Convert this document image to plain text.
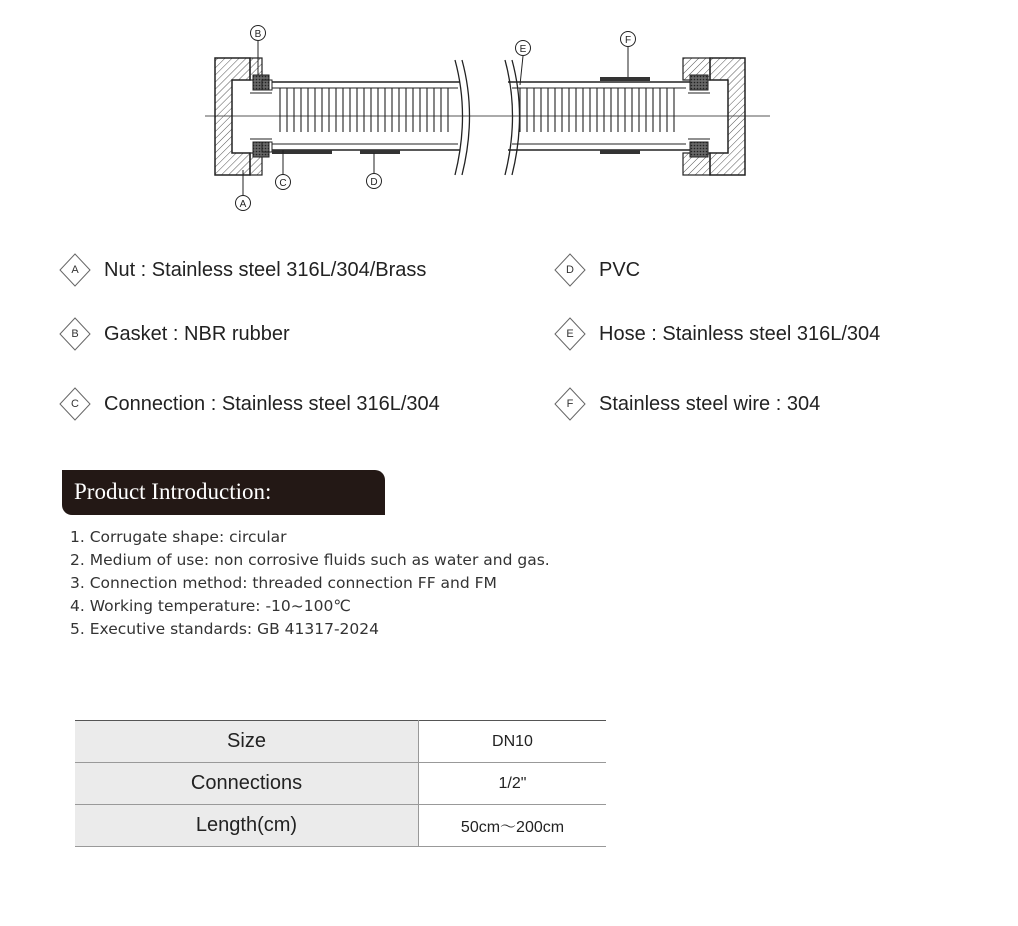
B
A
C	D
E
F
A	Nut : Stainless steel 316L/304/Brass
B	Gasket : NBR rubber
C	Connection : Stainless steel 316L/304
D	PVC
E	Hose : Stainless steel 316L/304
F	Stainless steel wire : 304
Product Introduction:
1. Corrugate shape: circular
2. Medium of use: non corrosive fluids such as water and gas.
3. Connection method: threaded connection FF and FM
4. Working temperature: -10~100℃
5. Executive standards: GB 41317-2024
Size	DN10
Connections	1/2"
Length(cm)	50cm～200cm
